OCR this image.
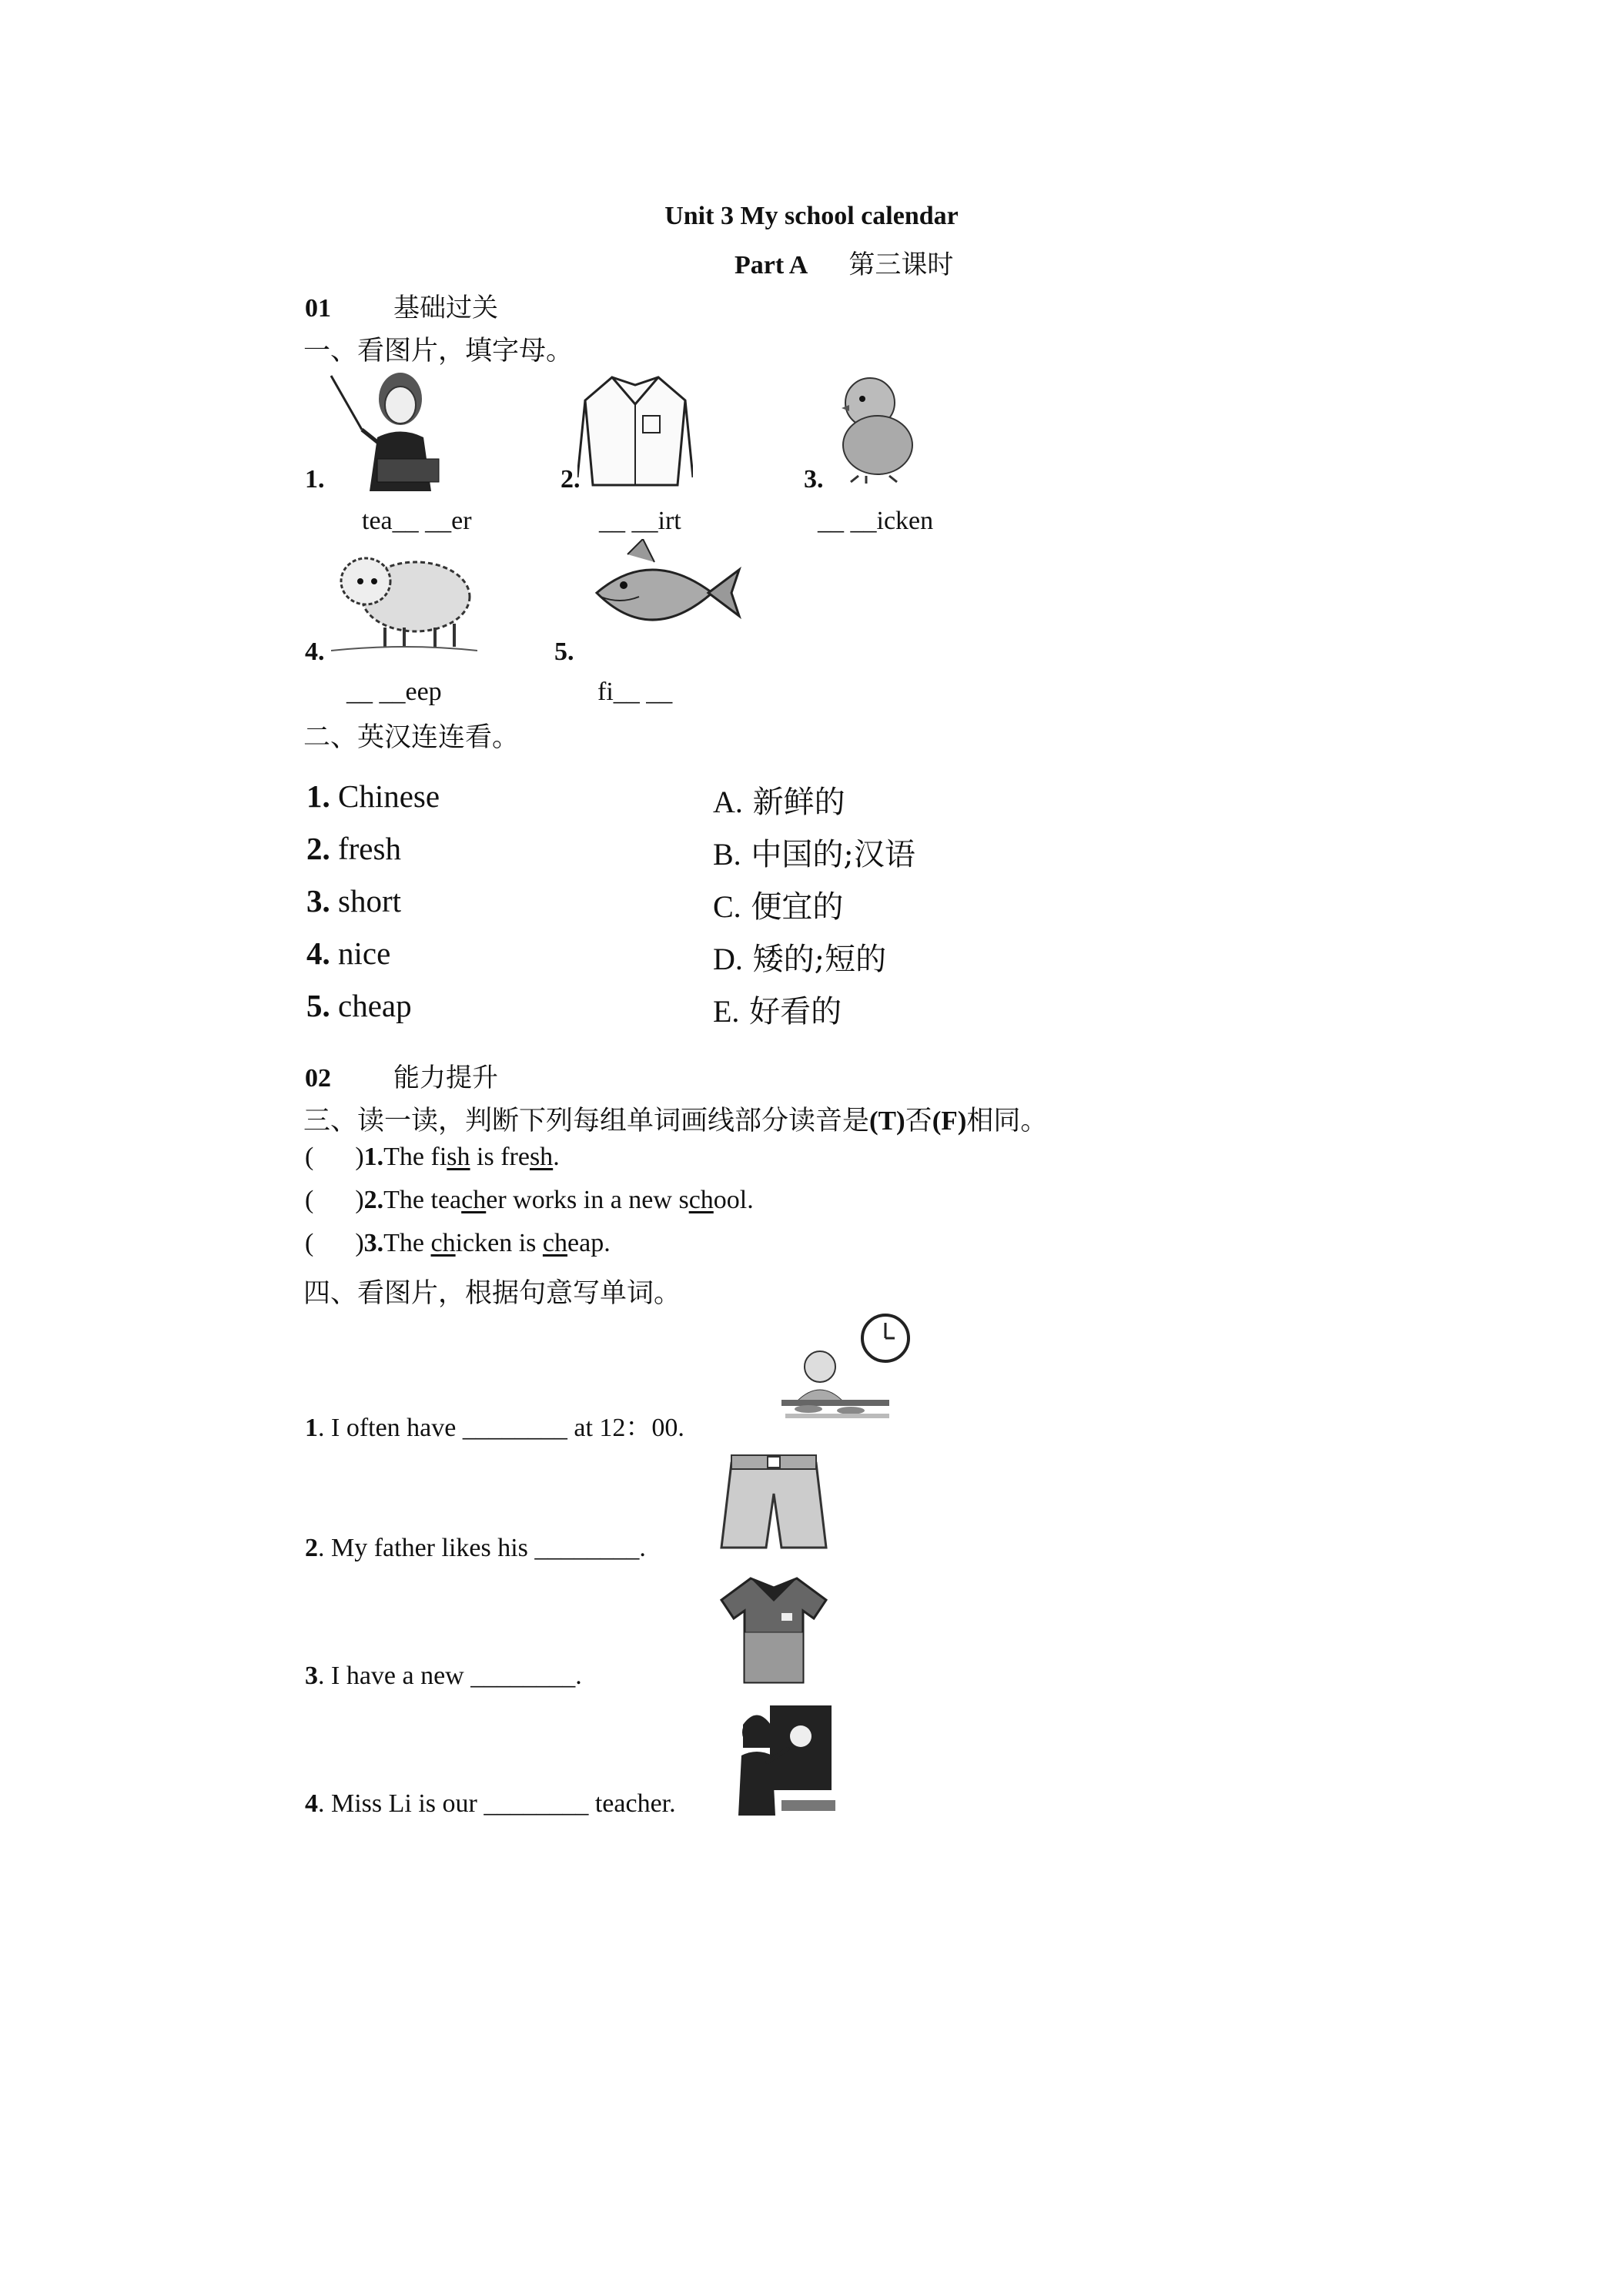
Unit 3 My school calendar
Part A 第三课时
01 基础过关
一、看图片，填字母。
1.	2.	3.
tea__ __er	__ __irt	__ __icken
4.	5.
__ __eep	fi__ __
二、英汉连连看。
1. Chinese
2. fresh
3. short
4. nice
5. cheap
A. 新鲜的
B. 中国的;汉语
C. 便宜的
D. 矮的;短的
E. 好看的
02 能力提升
三、读一读，判断下列每组单词画线部分读音是(T)否(F)相同。
( )1.The fish is fresh.
( )2.The teacher works in a new school.
( )3.The chicken is cheap.
四、看图片，根据句意写单词。
1. I often have ________ at 12：00.
2. My father likes his ________.
3. I have a new ________.
4. Miss Li is our ________ teacher.
